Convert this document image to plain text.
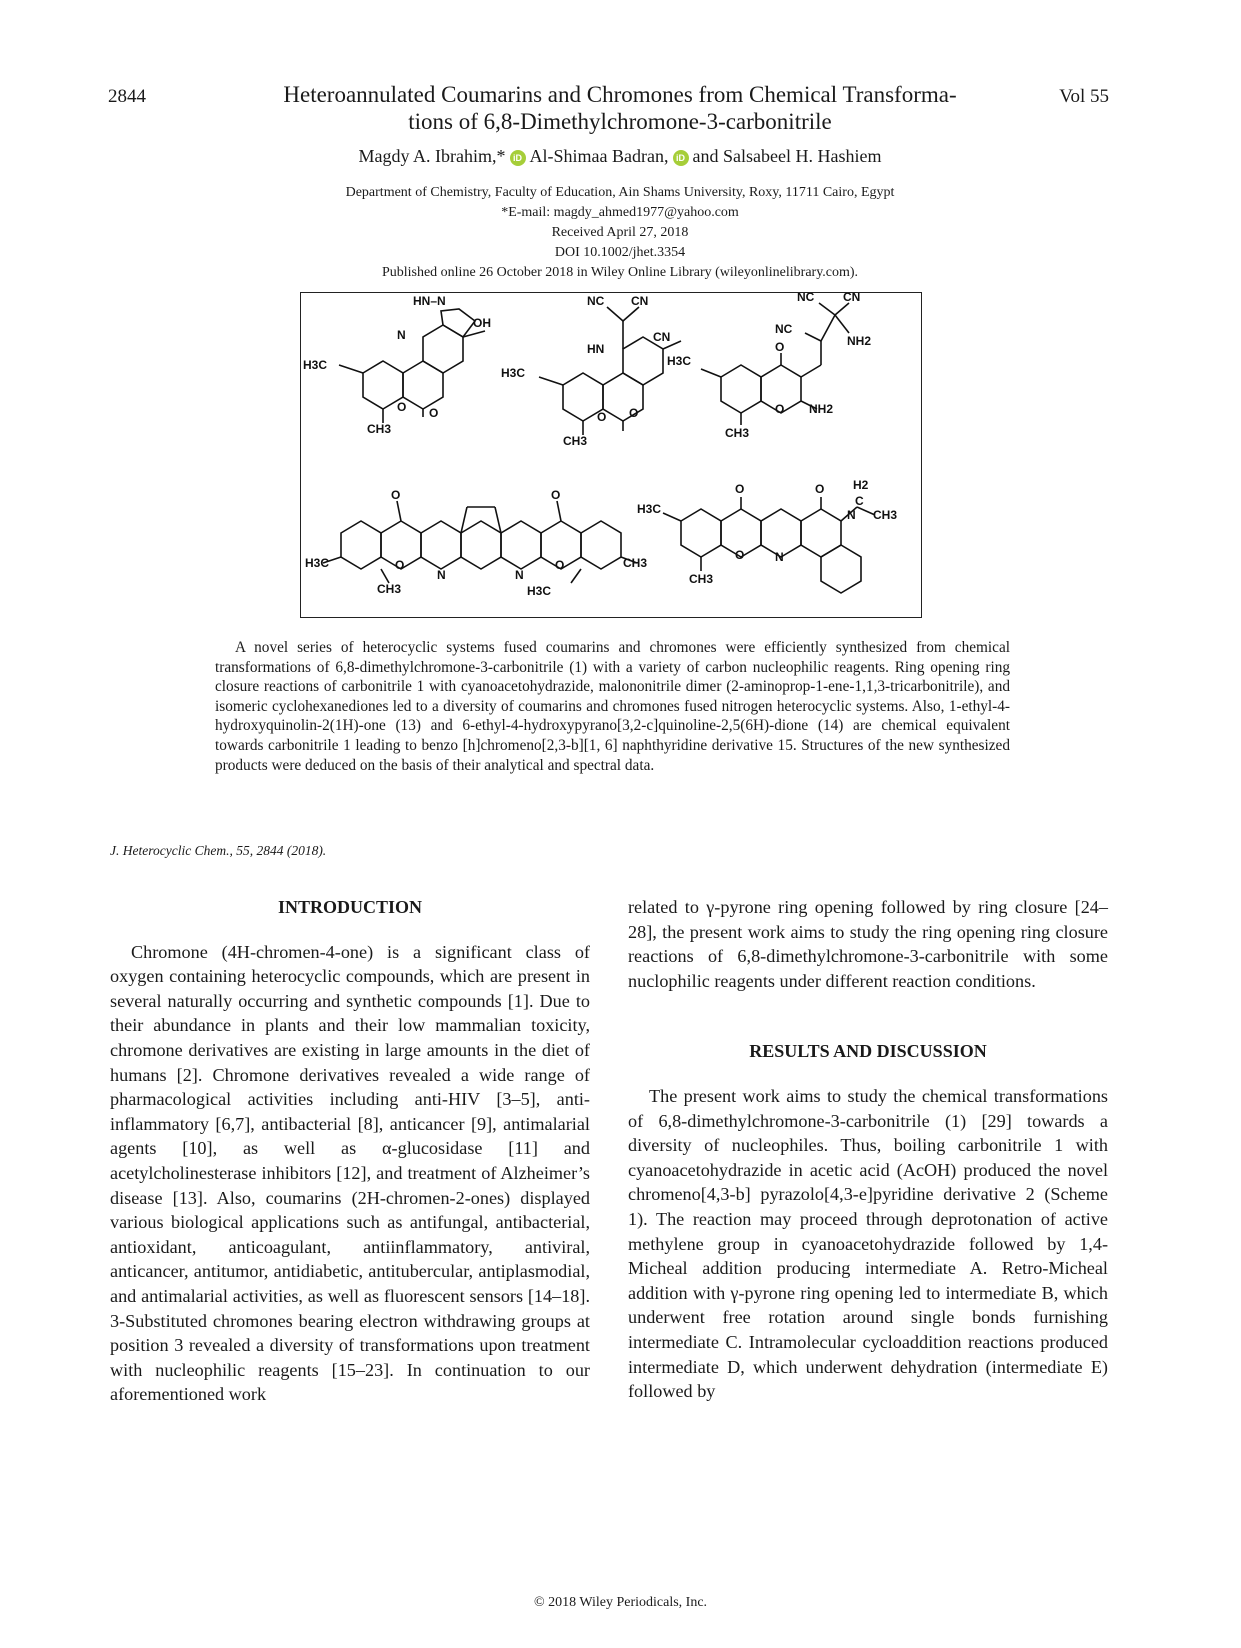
2844	Vol 55
Heteroannulated Coumarins and Chromones from Chemical Transforma-
tions of 6,8-Dimethylchromone-3-carbonitrile
Magdy A. Ibrahim,* iD Al-Shimaa Badran, iD and Salsabeel H. Hashiem
Department of Chemistry, Faculty of Education, Ain Shams University, Roxy, 11711 Cairo, Egypt
*E-mail: magdy_ahmed1977@yahoo.com
Received April 27, 2018
DOI 10.1002/jhet.3354
Published online 26 October 2018 in Wiley Online Library (wileyonlinelibrary.com).
HN–N
OH
N
O O
H3C
CH3
NC CN
CN
HN
O O
H3C
CH3
NC CN
NC
NH2
O
O NH2
H3C
CH3
O	O
O
N	N
O
H3C
CH3
CH3
H3C
O	O
O	N
N
H2
C
CH3
H3C
CH3
A novel series of heterocyclic systems fused coumarins and chromones were efficiently synthesized from chemical transformations of 6,8-dimethylchromone-3-carbonitrile (1) with a variety of carbon nucleophilic reagents. Ring opening ring closure reactions of carbonitrile 1 with cyanoacetohydrazide, malononitrile dimer (2-aminoprop-1-ene-1,1,3-tricarbonitrile), and isomeric cyclohexanediones led to a diversity of coumarins and chromones fused nitrogen heterocyclic systems. Also, 1-ethyl-4-hydroxyquinolin-2(1H)-one (13) and 6-ethyl-4-hydroxypyrano[3,2-c]quinoline-2,5(6H)-dione (14) are chemical equivalent towards carbonitrile 1 leading to benzo [h]chromeno[2,3-b][1, 6] naphthyridine derivative 15. Structures of the new synthesized products were deduced on the basis of their analytical and spectral data.
J. Heterocyclic Chem., 55, 2844 (2018).

INTRODUCTION

Chromone (4H-chromen-4-one) is a significant class of oxygen containing heterocyclic compounds, which are present in several naturally occurring and synthetic compounds [1]. Due to their abundance in plants and their low mammalian toxicity, chromone derivatives are existing in large amounts in the diet of humans [2]. Chromone derivatives revealed a wide range of pharmacological activities including anti-HIV [3–5], anti-inflammatory [6,7], antibacterial [8], anticancer [9], antimalarial agents [10], as well as α-glucosidase [11] and acetylcholinesterase inhibitors [12], and treatment of Alzheimer’s disease [13]. Also, coumarins (2H-chromen-2-ones) displayed various biological applications such as antifungal, antibacterial, antioxidant, anticoagulant, antiinflammatory, antiviral, anticancer, antitumor, antidiabetic, antitubercular, antiplasmodial, and antimalarial activities, as well as fluorescent sensors [14–18]. 3-Substituted chromones bearing electron withdrawing groups at position 3 revealed a diversity of transformations upon treatment with nucleophilic reagents [15–23]. In continuation to our aforementioned work

related to γ-pyrone ring opening followed by ring closure [24–28], the present work aims to study the ring opening ring closure reactions of 6,8-dimethylchromone-3-carbonitrile with some nuclophilic reagents under different reaction conditions.

RESULTS AND DISCUSSION

The present work aims to study the chemical transformations of 6,8-dimethylchromone-3-carbonitrile (1) [29] towards a diversity of nucleophiles. Thus, boiling carbonitrile 1 with cyanoacetohydrazide in acetic acid (AcOH) produced the novel chromeno[4,3-b] pyrazolo[4,3-e]pyridine derivative 2 (Scheme 1). The reaction may proceed through deprotonation of active methylene group in cyanoacetohydrazide followed by 1,4-Micheal addition producing intermediate A. Retro-Micheal addition with γ-pyrone ring opening led to intermediate B, which underwent free rotation around single bonds furnishing intermediate C. Intramolecular cycloaddition reactions produced intermediate D, which underwent dehydration (intermediate E) followed by

© 2018 Wiley Periodicals, Inc.
